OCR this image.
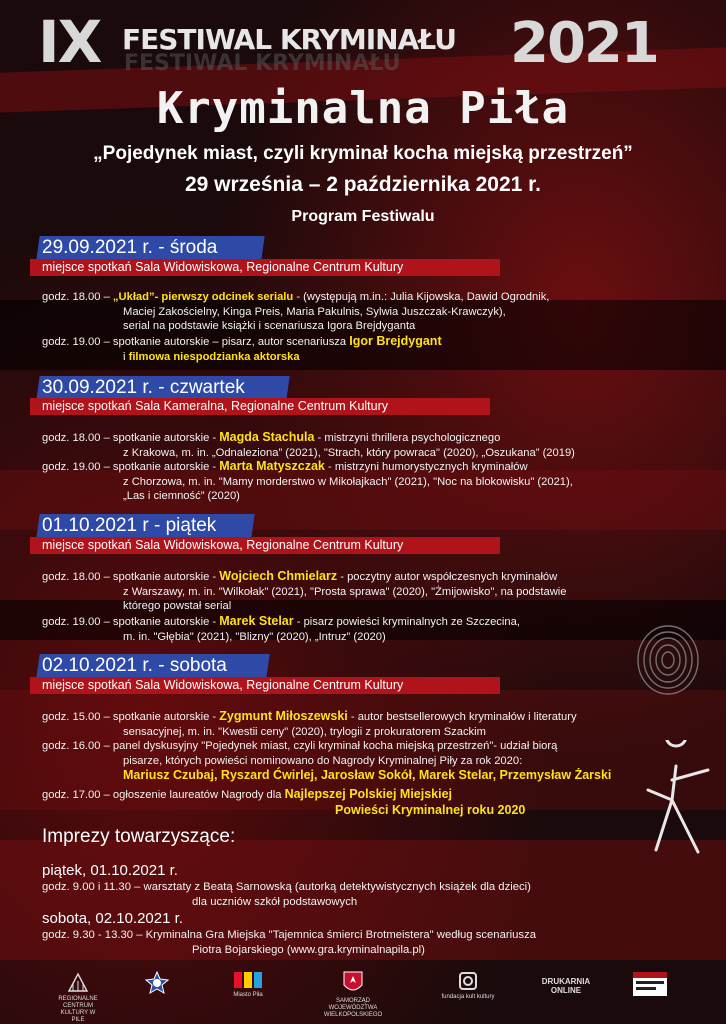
IX FESTIWAL KRYMINAŁU
FESTIWAL KRYMINAŁU 2021
Kryminalna Piła
„Pojedynek miast, czyli kryminał kocha miejską przestrzeń”
29 września – 2 października 2021 r.
Program Festiwalu
29.09.2021 r. - środa
miejsce spotkań Sala Widowiskowa, Regionalne Centrum Kultury
godz. 18.00 – „Układ”- pierwszy odcinek serialu - (występują m.in.: Julia Kijowska, Dawid Ogrodnik,
Maciej Zakościelny, Kinga Preis, Maria Pakulnis, Sylwia Juszczak-Krawczyk),
serial na podstawie książki i scenariusza Igora Brejdyganta
godz. 19.00 – spotkanie autorskie – pisarz, autor scenariusza Igor Brejdygant
i filmowa niespodzianka aktorska
30.09.2021 r. - czwartek
miejsce spotkań Sala Kameralna, Regionalne Centrum Kultury
godz. 18.00 – spotkanie autorskie - Magda Stachula - mistrzyni thrillera psychologicznego
z Krakowa, m. in. „Odnaleziona” (2021), "Strach, który powraca" (2020), „Oszukana” (2019)
godz. 19.00 – spotkanie autorskie - Marta Matyszczak - mistrzyni humorystycznych kryminałów
z Chorzowa, m. in. "Mamy morderstwo w Mikołajkach" (2021), "Noc na blokowisku" (2021),
„Las i ciemność” (2020)
01.10.2021 r - piątek
miejsce spotkań Sala Widowiskowa, Regionalne Centrum Kultury
godz. 18.00 – spotkanie autorskie - Wojciech Chmielarz - poczytny autor współczesnych kryminałów
z Warszawy, m. in. "Wilkołak" (2021), "Prosta sprawa" (2020), "Żmijowisko", na podstawie
którego powstał serial
godz. 19.00 – spotkanie autorskie - Marek Stelar - pisarz powieści kryminalnych ze Szczecina,
m. in. "Głębia" (2021), "Blizny" (2020), „Intruz” (2020)
02.10.2021 r. - sobota
miejsce spotkań Sala Widowiskowa, Regionalne Centrum Kultury
godz. 15.00 – spotkanie autorskie - Zygmunt Miłoszewski - autor bestsellerowych kryminałów i literatury
sensacyjnej, m. in. "Kwestii ceny" (2020), trylogii z prokuratorem Szackim
godz. 16.00 – panel dyskusyjny "Pojedynek miast, czyli kryminał kocha miejską przestrzeń"- udział biorą
pisarze, których powieści nominowano do Nagrody Kryminalnej Piły za rok 2020:
Mariusz Czubaj, Ryszard Ćwirlej, Jarosław Sokół, Marek Stelar, Przemysław Żarski
godz. 17.00 – ogłoszenie laureatów Nagrody dla Najlepszej Polskiej Miejskiej
Powieści Kryminalnej roku 2020
Imprezy towarzyszące:
piątek, 01.10.2021 r.
godz. 9.00 i 11.30 – warsztaty z Beatą Sarnowską (autorką detektywistycznych książek dla dzieci)
dla uczniów szkół podstawowych
sobota, 02.10.2021 r.
godz. 9.30 - 13.30 – Kryminalna Gra Miejska "Tajemnica śmierci Brotmeistera" według scenariusza
Piotra Bojarskiego (www.gra.kryminalnapila.pl)
REGIONALNE CENTRUM KULTURY W PILE
Miasto Piła
SAMORZĄD WOJEWÓDZTWA WIELKOPOLSKIEGO
fundacja kult kultury
DRUKARNIA ONLINE
